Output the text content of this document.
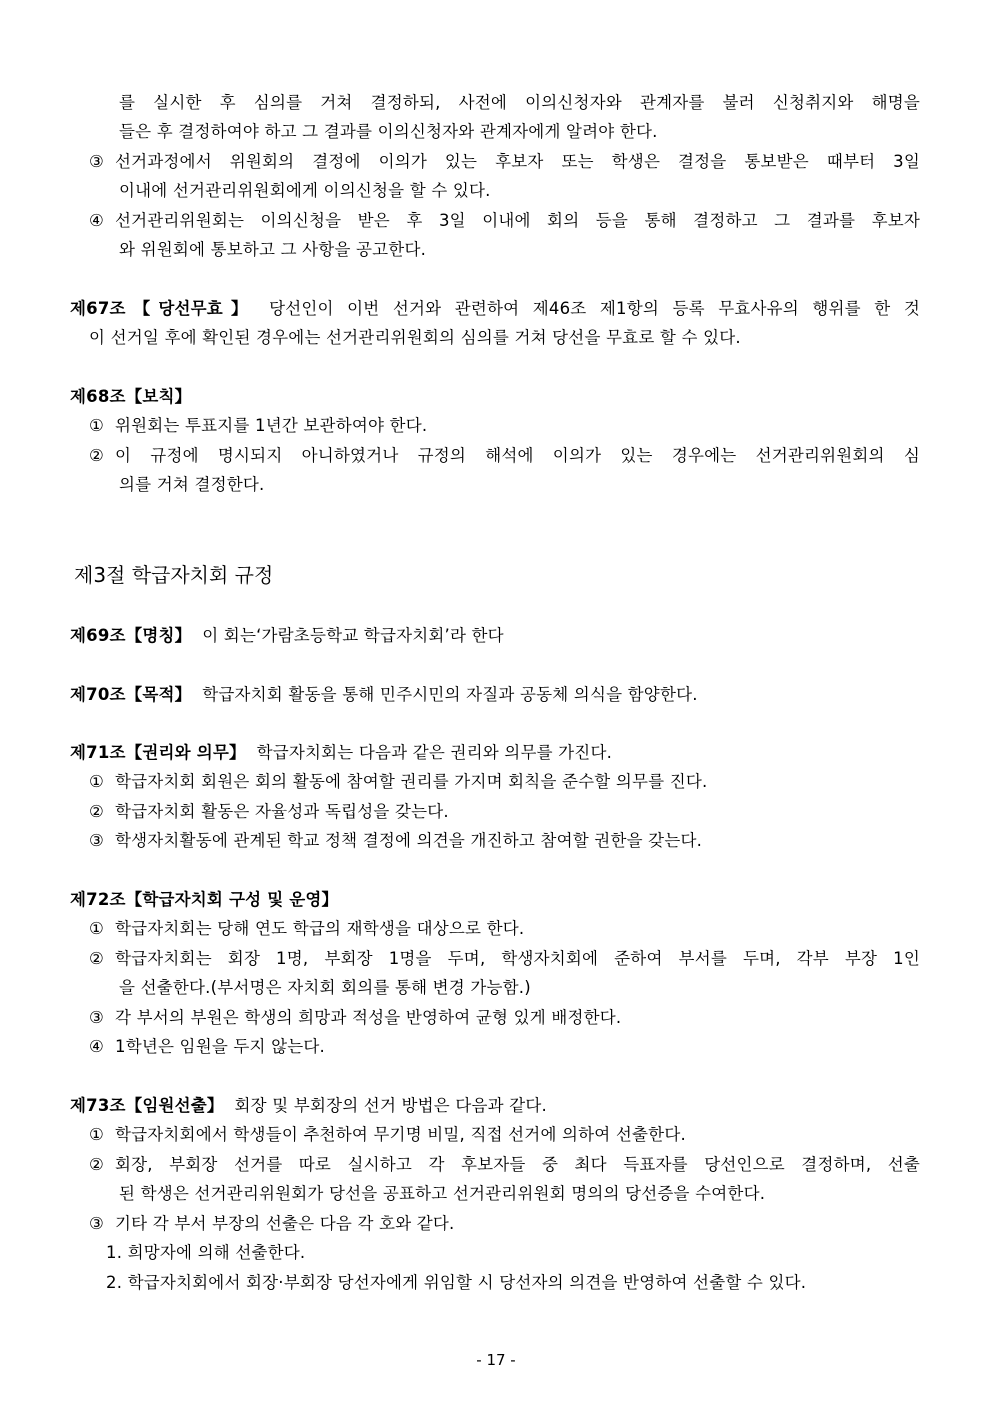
를 실시한 후 심의를 거쳐 결정하되, 사전에 이의신청자와 관계자를 불러 신청취지와 해명을
들은 후 결정하여야 하고 그 결과를 이의신청자와 관계자에게 알려야 한다.
③ 선거과정에서 위원회의 결정에 이의가 있는 후보자 또는 학생은 결정을 통보받은 때부터 3일
이내에 선거관리위원회에게 이의신청을 할 수 있다.
④ 선거관리위원회는 이의신청을 받은 후 3일 이내에 회의 등을 통해 결정하고 그 결과를 후보자
와 위원회에 통보하고 그 사항을 공고한다.
제67조【당선무효】 당선인이 이번 선거와 관련하여 제46조 제1항의 등록 무효사유의 행위를 한 것
이 선거일 후에 확인된 경우에는 선거관리위원회의 심의를 거쳐 당선을 무효로 할 수 있다.
제68조【보칙】
① 위원회는 투표지를 1년간 보관하여야 한다.
② 이 규정에 명시되지 아니하였거나 규정의 해석에 이의가 있는 경우에는 선거관리위원회의 심
의를 거쳐 결정한다.
제3절 학급자치회 규정
제69조【명칭】 이 회는‘가람초등학교 학급자치회’라 한다
제70조【목적】 학급자치회 활동을 통해 민주시민의 자질과 공동체 의식을 함양한다.
제71조【권리와 의무】 학급자치회는 다음과 같은 권리와 의무를 가진다.
① 학급자치회 회원은 회의 활동에 참여할 권리를 가지며 회칙을 준수할 의무를 진다.
② 학급자치회 활동은 자율성과 독립성을 갖는다.
③ 학생자치활동에 관계된 학교 정책 결정에 의견을 개진하고 참여할 권한을 갖는다.
제72조【학급자치회 구성 및 운영】
① 학급자치회는 당해 연도 학급의 재학생을 대상으로 한다.
② 학급자치회는 회장 1명, 부회장 1명을 두며, 학생자치회에 준하여 부서를 두며, 각부 부장 1인
을 선출한다.(부서명은 자치회 회의를 통해 변경 가능함.)
③ 각 부서의 부원은 학생의 희망과 적성을 반영하여 균형 있게 배정한다.
④ 1학년은 임원을 두지 않는다.
제73조【임원선출】 회장 및 부회장의 선거 방법은 다음과 같다.
① 학급자치회에서 학생들이 추천하여 무기명 비밀, 직접 선거에 의하여 선출한다.
② 회장, 부회장 선거를 따로 실시하고 각 후보자들 중 최다 득표자를 당선인으로 결정하며, 선출
된 학생은 선거관리위원회가 당선을 공표하고 선거관리위원회 명의의 당선증을 수여한다.
③ 기타 각 부서 부장의 선출은 다음 각 호와 같다.
1. 희망자에 의해 선출한다.
2. 학급자치회에서 회장·부회장 당선자에게 위임할 시 당선자의 의견을 반영하여 선출할 수 있다.
- 17 -
